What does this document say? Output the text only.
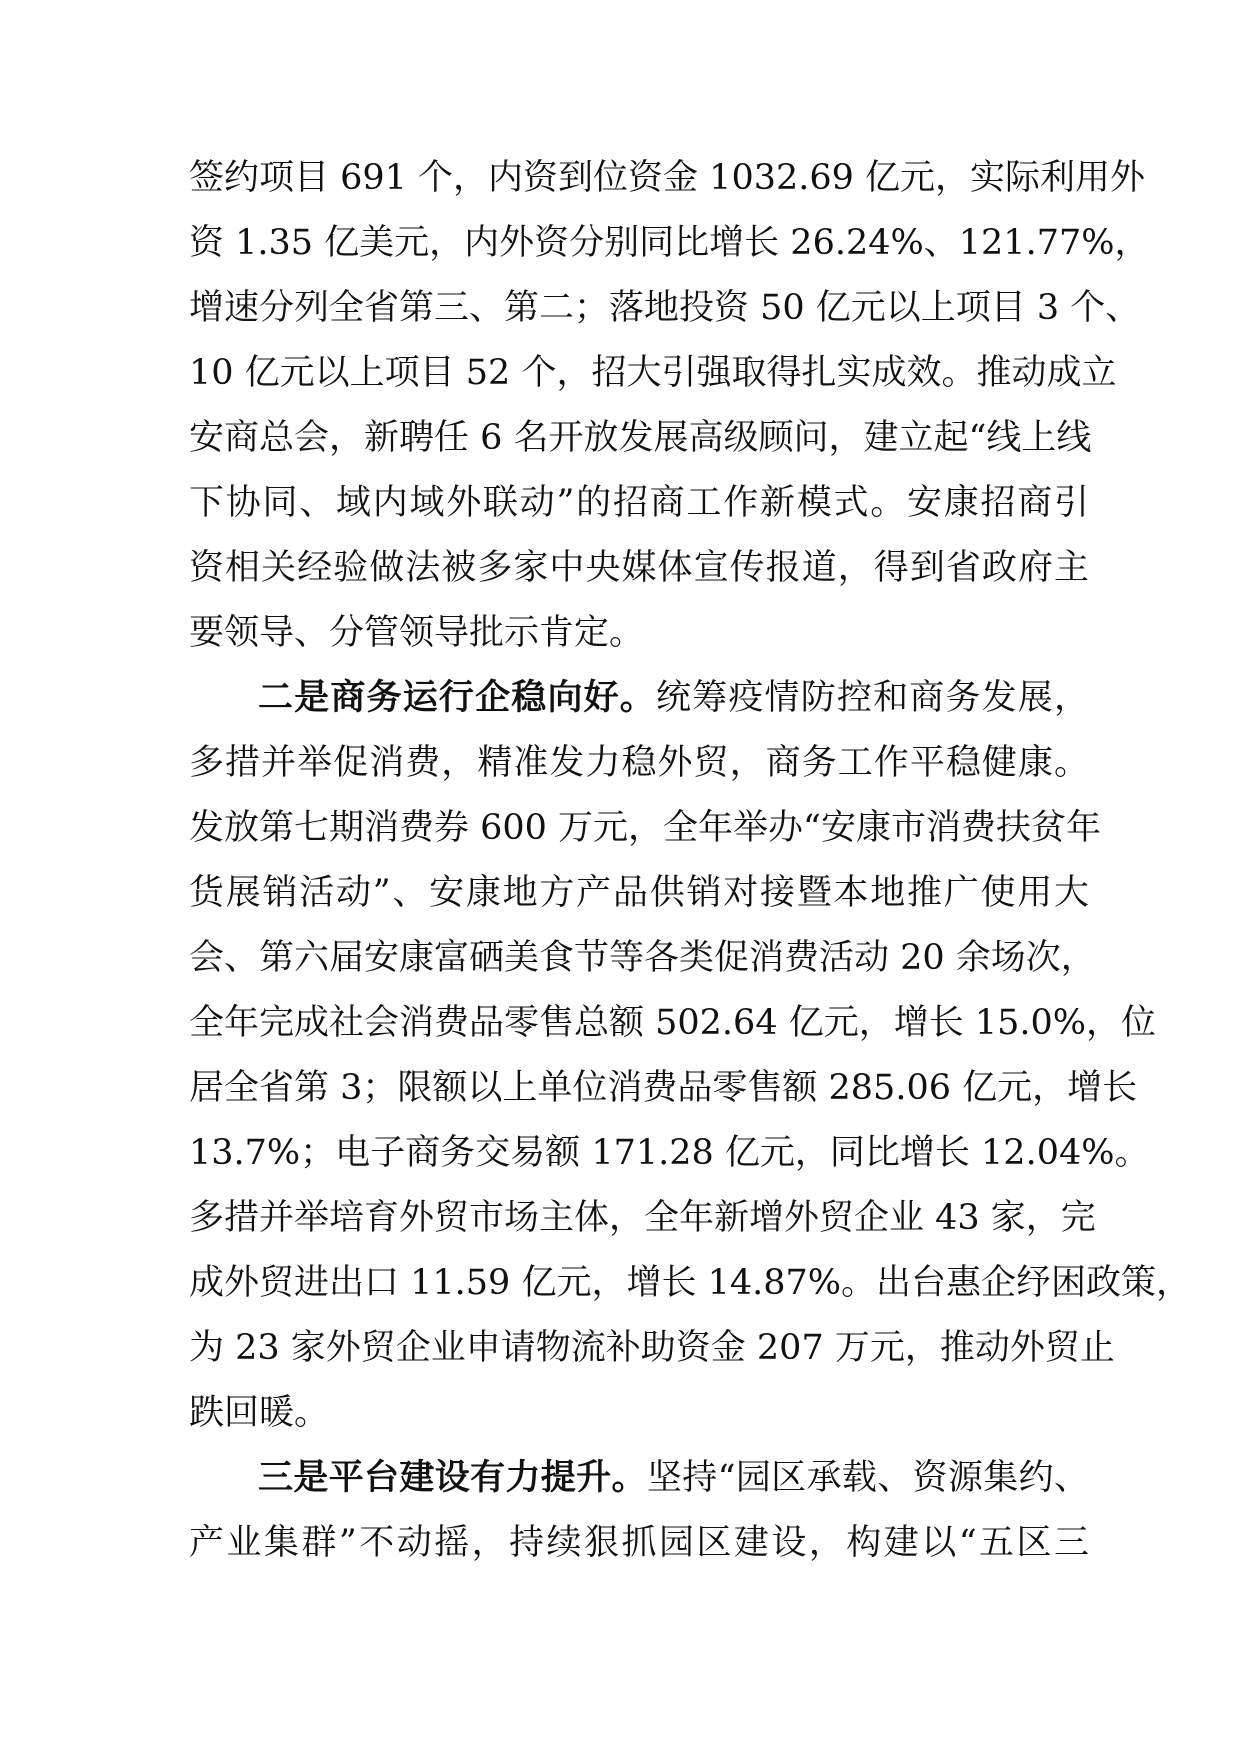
签约项目 691 个，内资到位资金 1032.69 亿元，实际利用外
资 1.35 亿美元，内外资分别同比增长 26.24%、121.77%，
增速分列全省第三、第二；落地投资 50 亿元以上项目 3 个、
10 亿元以上项目 52 个，招大引强取得扎实成效。推动成立
安商总会，新聘任 6 名开放发展高级顾问，建立起“线上线
下协同、域内域外联动”的招商工作新模式。安康招商引
资相关经验做法被多家中央媒体宣传报道，得到省政府主
要领导、分管领导批示肯定。
二是商务运行企稳向好。统筹疫情防控和商务发展，
多措并举促消费，精准发力稳外贸，商务工作平稳健康。
发放第七期消费券 600 万元，全年举办“安康市消费扶贫年
货展销活动”、安康地方产品供销对接暨本地推广使用大
会、第六届安康富硒美食节等各类促消费活动 20 余场次，
全年完成社会消费品零售总额 502.64 亿元，增长 15.0%，位
居全省第 3；限额以上单位消费品零售额 285.06 亿元，增长
13.7%；电子商务交易额 171.28 亿元，同比增长 12.04%。
多措并举培育外贸市场主体，全年新增外贸企业 43 家，完
成外贸进出口 11.59 亿元，增长 14.87%。出台惠企纾困政策，
为 23 家外贸企业申请物流补助资金 207 万元，推动外贸止
跌回暖。
三是平台建设有力提升。坚持“园区承载、资源集约、
产业集群”不动摇，持续狠抓园区建设，构建以“五区三
